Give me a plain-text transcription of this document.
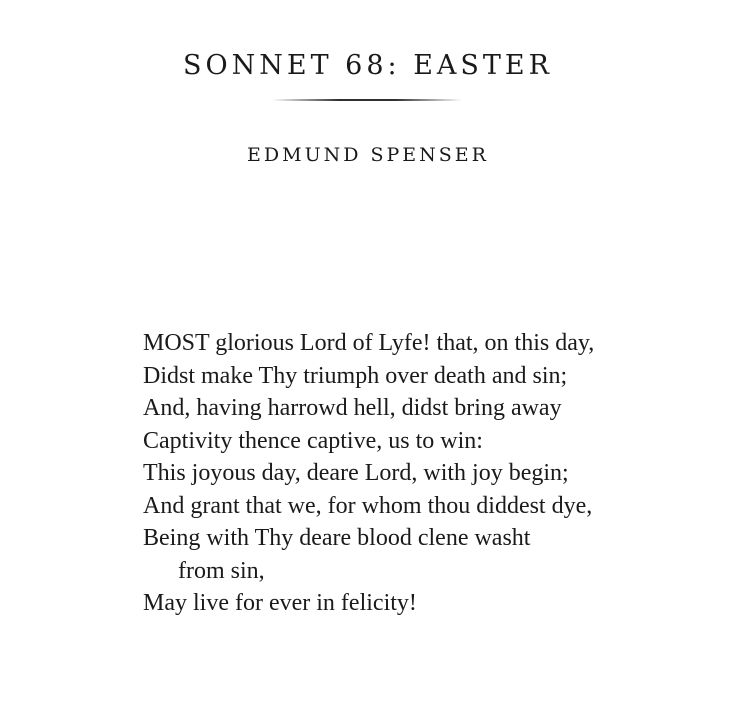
SONNET 68: EASTER
EDMUND SPENSER
MOST glorious Lord of Lyfe! that, on this day,
Didst make Thy triumph over death and sin;
And, having harrowd hell, didst bring away
Captivity thence captive, us to win:
This joyous day, deare Lord, with joy begin;
And grant that we, for whom thou diddest dye,
Being with Thy deare blood clene washt
from sin,
May live for ever in felicity!
